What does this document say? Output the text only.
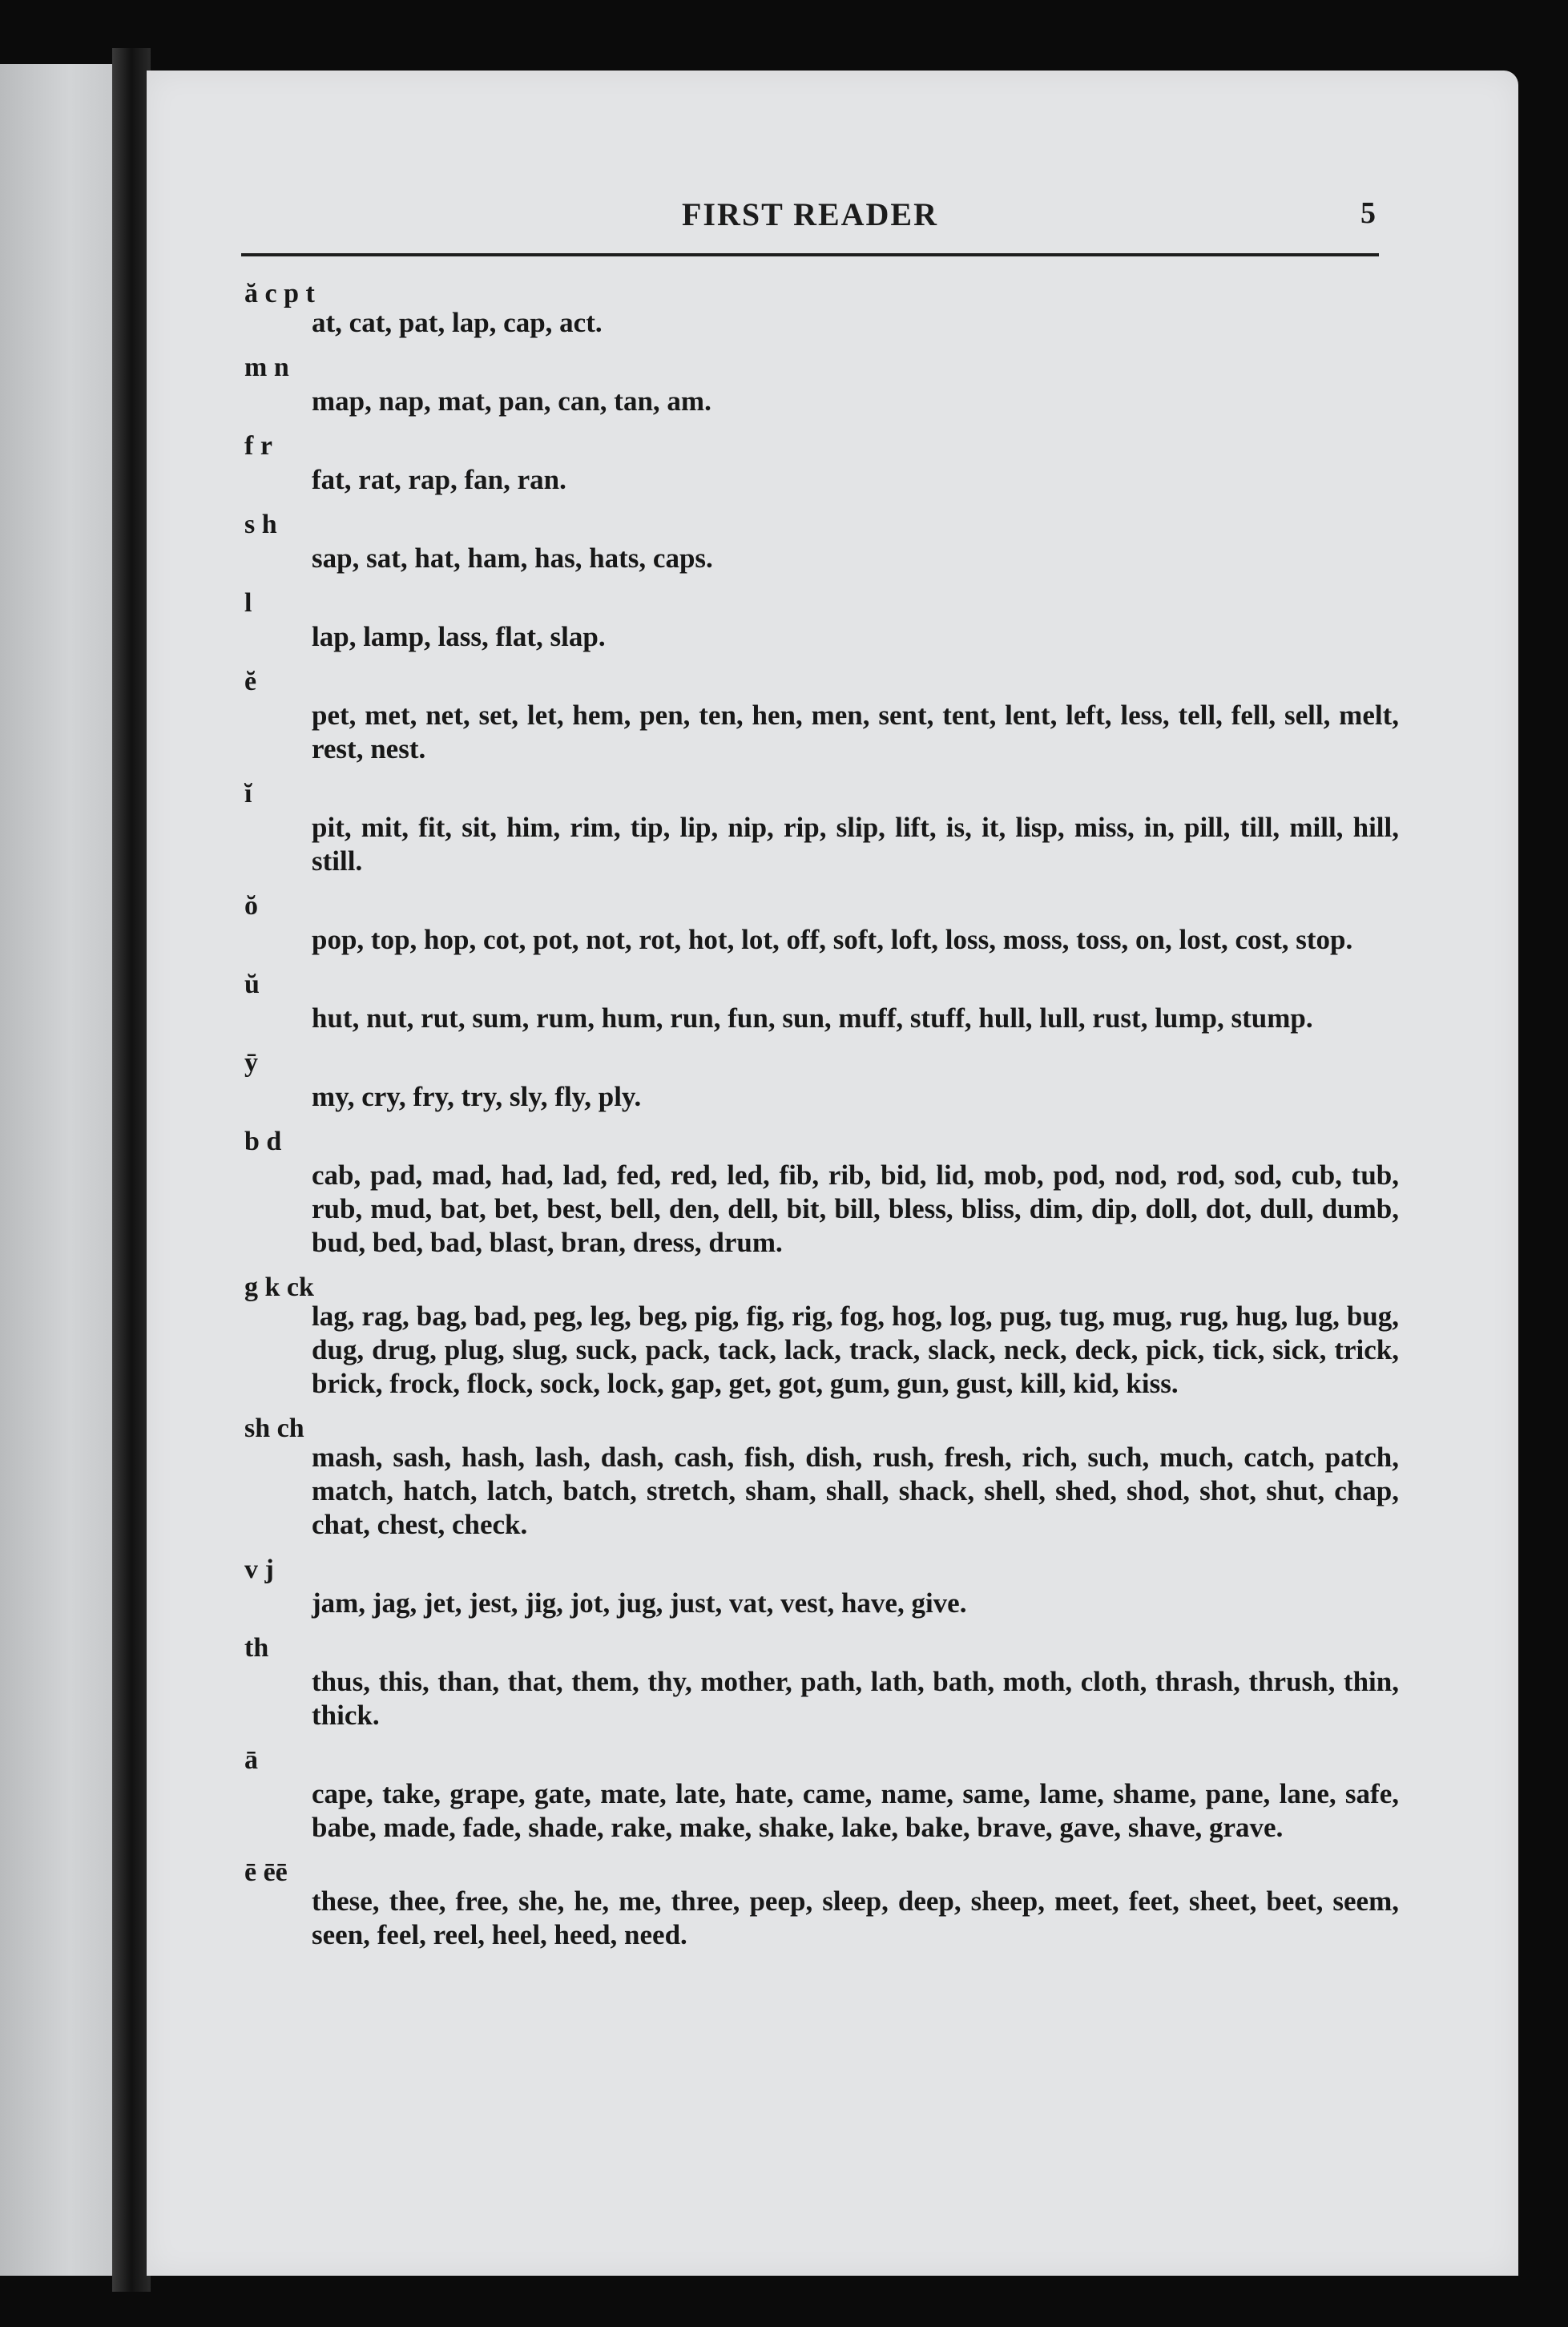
FIRST READER	5
ă c p t
at, cat, pat, lap, cap, act.
m n
map, nap, mat, pan, can, tan, am.
f r
fat, rat, rap, fan, ran.
s h
sap, sat, hat, ham, has, hats, caps.
l
lap, lamp, lass, flat, slap.
ĕ
pet, met, net, set, let, hem, pen, ten, hen, men, sent, tent, lent, left, less, tell, fell, sell, melt, rest, nest.
ĭ
pit, mit, fit, sit, him, rim, tip, lip, nip, rip, slip, lift, is, it, lisp, miss, in, pill, till, mill, hill, still.
ŏ
pop, top, hop, cot, pot, not, rot, hot, lot, off, soft, loft, loss, moss, toss, on, lost, cost, stop.
ŭ
hut, nut, rut, sum, rum, hum, run, fun, sun, muff, stuff, hull, lull, rust, lump, stump.
ȳ
my, cry, fry, try, sly, fly, ply.
b d
cab, pad, mad, had, lad, fed, red, led, fib, rib, bid, lid, mob, pod, nod, rod, sod, cub, tub, rub, mud, bat, bet, best, bell, den, dell, bit, bill, bless, bliss, dim, dip, doll, dot, dull, dumb, bud, bed, bad, blast, bran, dress, drum.
g k ck
lag, rag, bag, bad, peg, leg, beg, pig, fig, rig, fog, hog, log, pug, tug, mug, rug, hug, lug, bug, dug, drug, plug, slug, suck, pack, tack, lack, track, slack, neck, deck, pick, tick, sick, trick, brick, frock, flock, sock, lock, gap, get, got, gum, gun, gust, kill, kid, kiss.
sh ch
mash, sash, hash, lash, dash, cash, fish, dish, rush, fresh, rich, such, much, catch, patch, match, hatch, latch, batch, stretch, sham, shall, shack, shell, shed, shod, shot, shut, chap, chat, chest, check.
v j
jam, jag, jet, jest, jig, jot, jug, just, vat, vest, have, give.
th
thus, this, than, that, them, thy, mother, path, lath, bath, moth, cloth, thrash, thrush, thin, thick.
ā
cape, take, grape, gate, mate, late, hate, came, name, same, lame, shame, pane, lane, safe, babe, made, fade, shade, rake, make, shake, lake, bake, brave, gave, shave, grave.
ē ēē
these, thee, free, she, he, me, three, peep, sleep, deep, sheep, meet, feet, sheet, beet, seem, seen, feel, reel, heel, heed, need.
